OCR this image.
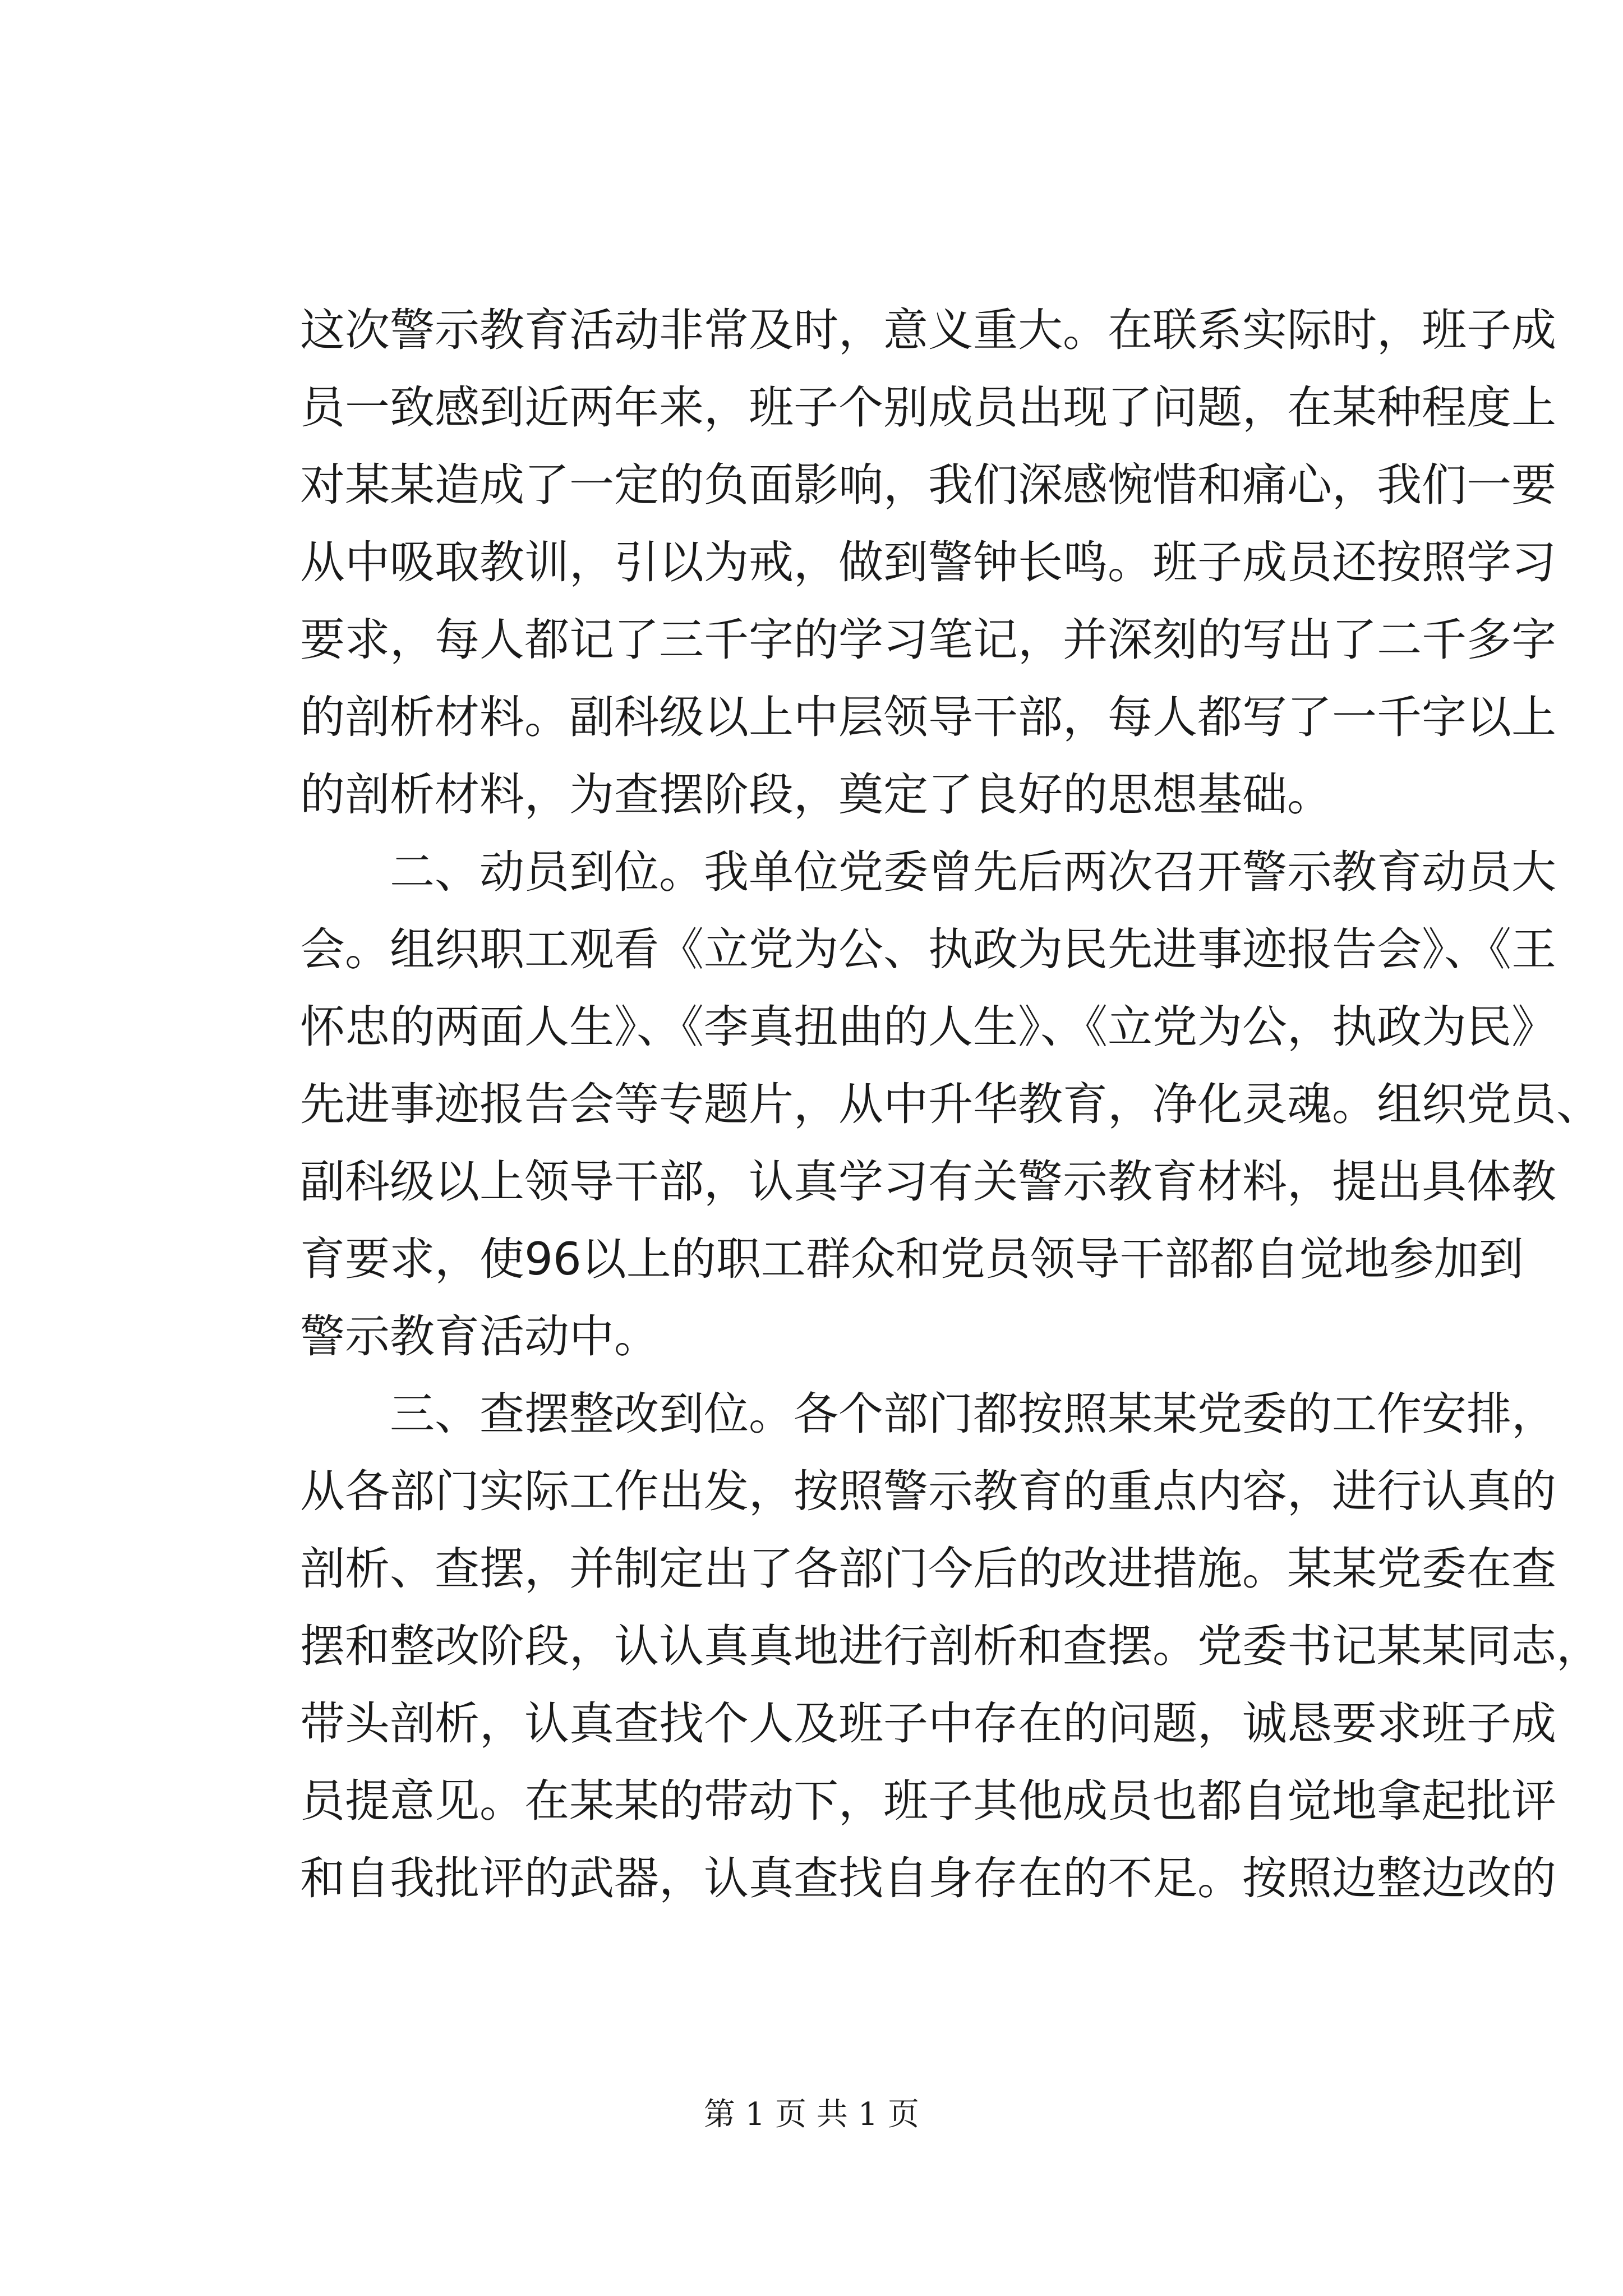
这次警示教育活动非常及时，意义重大。在联系实际时，班子成
员一致感到近两年来，班子个别成员出现了问题，在某种程度上
对某某造成了一定的负面影响，我们深感惋惜和痛心，我们一要
从中吸取教训，引以为戒，做到警钟长鸣。班子成员还按照学习
要求，每人都记了三千字的学习笔记，并深刻的写出了二千多字
的剖析材料。副科级以上中层领导干部，每人都写了一千字以上
的剖析材料，为查摆阶段，奠定了良好的思想基础。
二、动员到位。我单位党委曾先后两次召开警示教育动员大
会。组织职工观看《立党为公、执政为民先进事迹报告会》、《王
怀忠的两面人生》、《李真扭曲的人生》、《立党为公，执政为民》
先进事迹报告会等专题片，从中升华教育，净化灵魂。组织党员、
副科级以上领导干部，认真学习有关警示教育材料，提出具体教
育要求，使96以上的职工群众和党员领导干部都自觉地参加到
警示教育活动中。
三、查摆整改到位。各个部门都按照某某党委的工作安排，
从各部门实际工作出发，按照警示教育的重点内容，进行认真的
剖析、查摆，并制定出了各部门今后的改进措施。某某党委在查
摆和整改阶段，认认真真地进行剖析和查摆。党委书记某某同志，
带头剖析，认真查找个人及班子中存在的问题，诚恳要求班子成
员提意见。在某某的带动下，班子其他成员也都自觉地拿起批评
和自我批评的武器，认真查找自身存在的不足。按照边整边改的
第 1 页 共 1 页
